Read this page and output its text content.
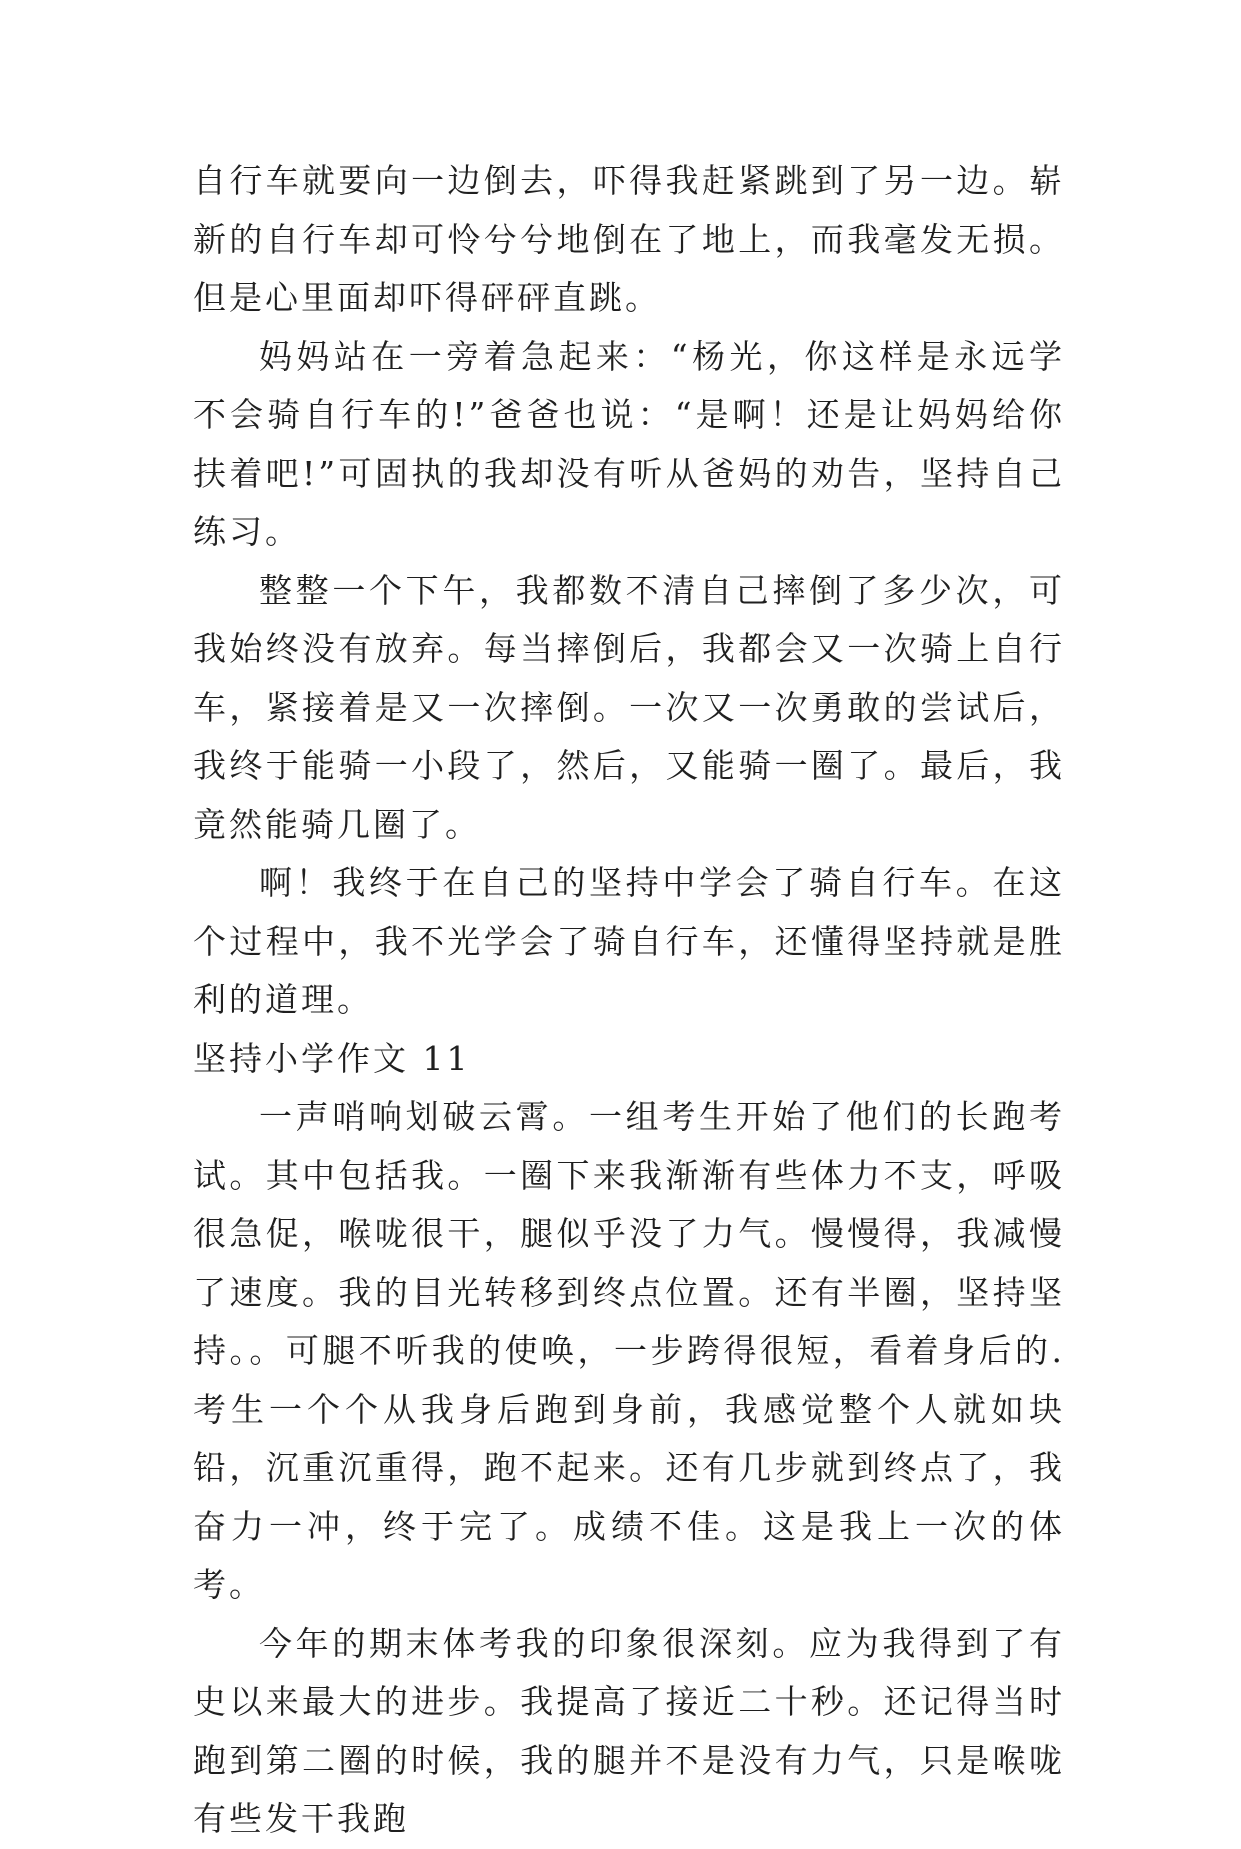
自行车就要向一边倒去，吓得我赶紧跳到了另一边。崭新的自行车却可怜兮兮地倒在了地上，而我毫发无损。但是心里面却吓得砰砰直跳。

妈妈站在一旁着急起来：“杨光，你这样是永远学不会骑自行车的!”爸爸也说：“是啊！还是让妈妈给你扶着吧!”可固执的我却没有听从爸妈的劝告，坚持自己练习。

整整一个下午，我都数不清自己摔倒了多少次，可我始终没有放弃。每当摔倒后，我都会又一次骑上自行车，紧接着是又一次摔倒。一次又一次勇敢的尝试后，我终于能骑一小段了，然后，又能骑一圈了。最后，我竟然能骑几圈了。

啊！我终于在自己的坚持中学会了骑自行车。在这个过程中，我不光学会了骑自行车，还懂得坚持就是胜利的道理。

坚持小学作文 11

一声哨响划破云霄。一组考生开始了他们的长跑考试。其中包括我。一圈下来我渐渐有些体力不支，呼吸很急促，喉咙很干，腿似乎没了力气。慢慢得，我减慢了速度。我的目光转移到终点位置。还有半圈，坚持坚持。。可腿不听我的使唤，一步跨得很短，看着身后的.考生一个个从我身后跑到身前，我感觉整个人就如块铅，沉重沉重得，跑不起来。还有几步就到终点了，我奋力一冲，终于完了。成绩不佳。这是我上一次的体考。

今年的期末体考我的印象很深刻。应为我得到了有史以来最大的进步。我提高了接近二十秒。还记得当时跑到第二圈的时候，我的腿并不是没有力气，只是喉咙有些发干我跑
